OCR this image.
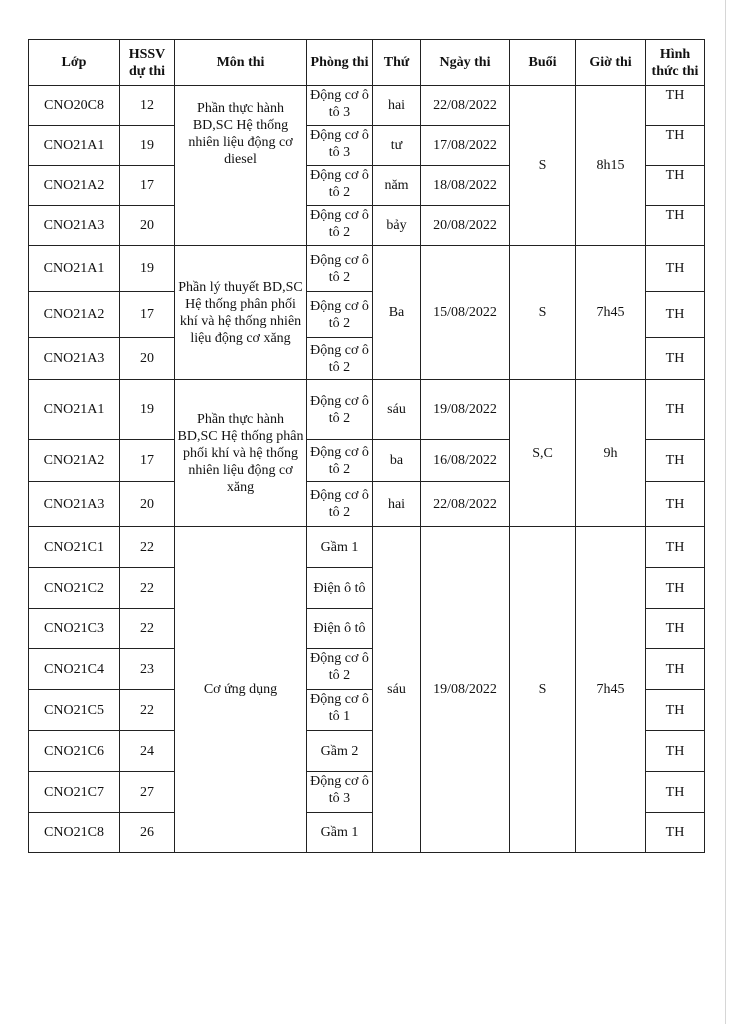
Lớp	HSSV dự thi	Môn thi	Phòng thi	Thứ	Ngày thi	Buổi	Giờ thi	Hình thức thi
CNO20C8	12	Phần thực hành BD,SC Hệ thống nhiên liệu động cơ diesel	Động cơ ô tô 3	hai	22/08/2022	S	8h15	TH
CNO21A1	19		Động cơ ô tô 3	tư	17/08/2022			TH
CNO21A2	17		Động cơ ô tô 2	năm	18/08/2022			TH
CNO21A3	20		Động cơ ô tô 2	bảy	20/08/2022			TH
CNO21A1	19	Phần lý thuyết BD,SC Hệ thống phân phối khí và hệ thống nhiên liệu động cơ xăng	Động cơ ô tô 2	Ba	15/08/2022	S	7h45	TH
CNO21A2	17		Động cơ ô tô 2					TH
CNO21A3	20		Động cơ ô tô 2					TH
CNO21A1	19	Phần thực hành BD,SC Hệ thống phân phối khí và hệ thống nhiên liệu động cơ xăng	Động cơ ô tô 2	sáu	19/08/2022	S,C	9h	TH
CNO21A2	17		Động cơ ô tô 2	ba	16/08/2022			TH
CNO21A3	20		Động cơ ô tô 2	hai	22/08/2022			TH
CNO21C1	22	Cơ ứng dụng	Gầm 1	sáu	19/08/2022	S	7h45	TH
CNO21C2	22		Điện ô tô					TH
CNO21C3	22		Điện ô tô					TH
CNO21C4	23		Động cơ ô tô 2					TH
CNO21C5	22		Động cơ ô tô 1					TH
CNO21C6	24		Gầm 2					TH
CNO21C7	27		Động cơ ô tô 3					TH
CNO21C8	26		Gầm 1					TH
